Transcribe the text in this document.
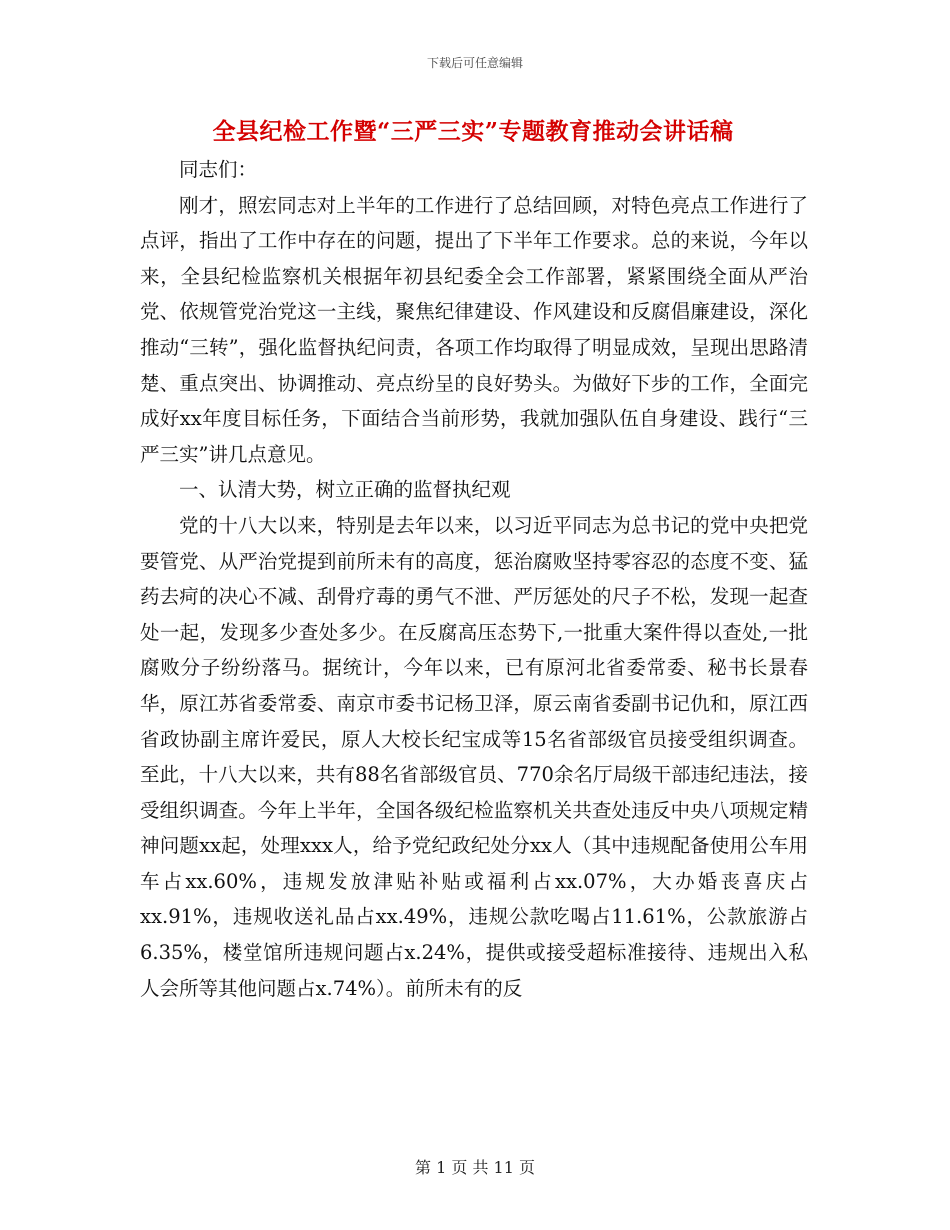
下载后可任意编辑
全县纪检工作暨“三严三实”专题教育推动会讲话稿

同志们：

刚才，照宏同志对上半年的工作进行了总结回顾，对特色亮点工作进行了点评，指出了工作中存在的问题，提出了下半年工作要求。总的来说，今年以来，全县纪检监察机关根据年初县纪委全会工作部署，紧紧围绕全面从严治党、依规管党治党这一主线，聚焦纪律建设、作风建设和反腐倡廉建设，深化推动“三转”，强化监督执纪问责，各项工作均取得了明显成效，呈现出思路清楚、重点突出、协调推动、亮点纷呈的良好势头。为做好下步的工作，全面完成好xx年度目标任务，下面结合当前形势，我就加强队伍自身建设、践行“三严三实”讲几点意见。

一、认清大势，树立正确的监督执纪观

党的十八大以来，特别是去年以来，以习近平同志为总书记的党中央把党要管党、从严治党提到前所未有的高度，惩治腐败坚持零容忍的态度不变、猛药去疴的决心不减、刮骨疗毒的勇气不泄、严厉惩处的尺子不松，发现一起查处一起，发现多少查处多少。在反腐高压态势下,一批重大案件得以查处,一批腐败分子纷纷落马。据统计，今年以来，已有原河北省委常委、秘书长景春华，原江苏省委常委、南京市委书记杨卫泽，原云南省委副书记仇和，原江西省政协副主席许爱民，原人大校长纪宝成等15名省部级官员接受组织调查。至此，十八大以来，共有88名省部级官员、770余名厅局级干部违纪违法，接受组织调查。今年上半年，全国各级纪检监察机关共查处违反中央八项规定精神问题xx起，处理xxx人，给予党纪政纪处分xx人（其中违规配备使用公车用车占xx.60%，违规发放津贴补贴或福利占xx.07%，大办婚丧喜庆占xx.91%，违规收送礼品占xx.49%，违规公款吃喝占11.61%，公款旅游占6.35%，楼堂馆所违规问题占x.24%，提供或接受超标准接待、违规出入私人会所等其他问题占x.74%）。前所未有的反

第 1 页 共 11 页
